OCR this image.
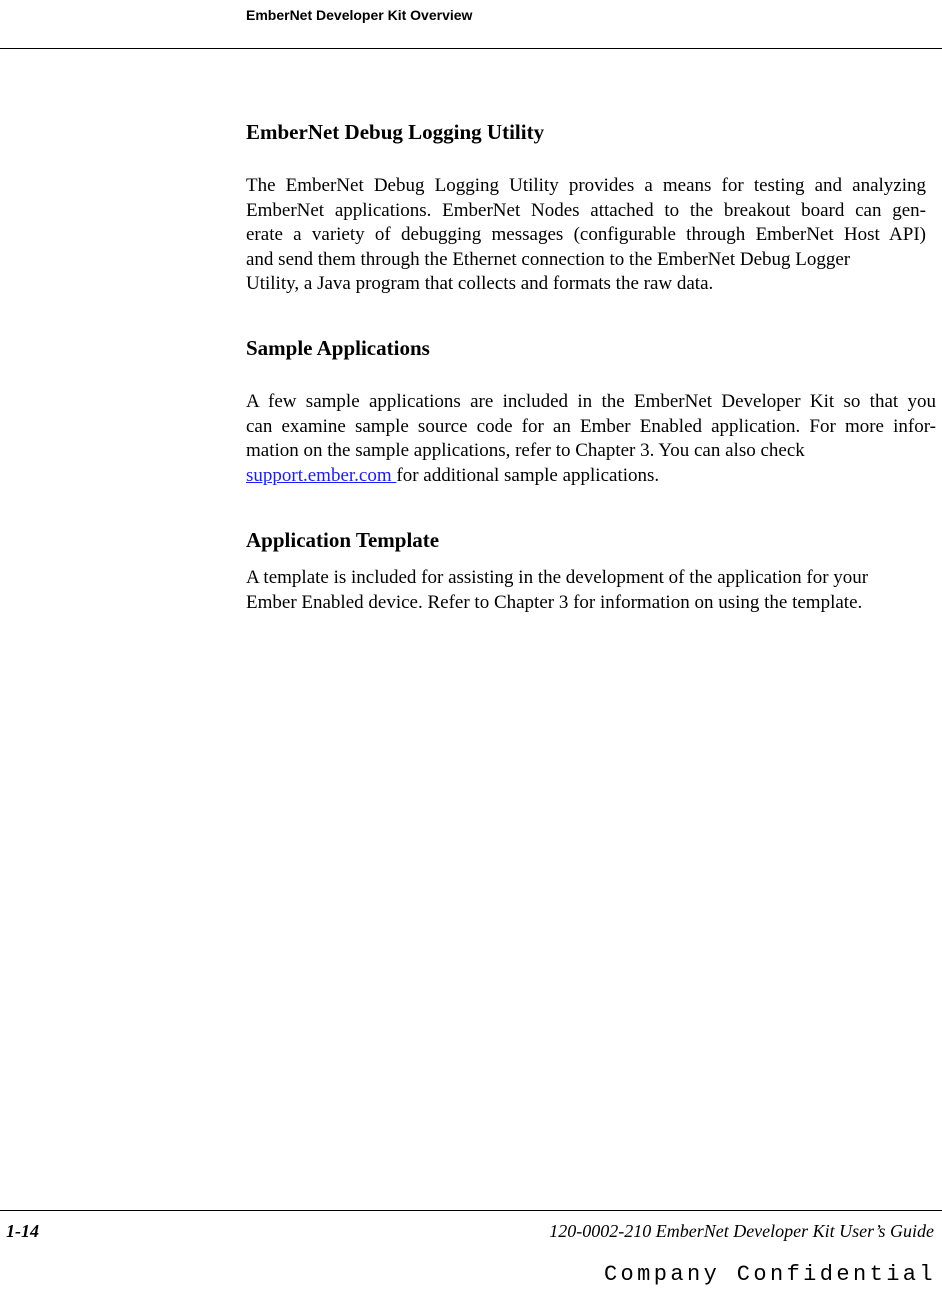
EmberNet Developer Kit Overview
EmberNet Debug Logging Utility
The EmberNet Debug Logging Utility provides a means for testing and analyzing
EmberNet applications. EmberNet Nodes attached to the breakout board can gen-
erate a variety of debugging messages (configurable through EmberNet Host API)
and send them through the Ethernet connection to the EmberNet Debug Logger
Utility, a Java program that collects and formats the raw data.
Sample Applications
A few sample applications are included in the EmberNet Developer Kit so that you
can examine sample source code for an Ember Enabled application. For more infor-
mation on the sample applications, refer to Chapter 3. You can also check
support.ember.com for additional sample applications.
Application Template
A template is included for assisting in the development of the application for your
Ember Enabled device. Refer to Chapter 3 for information on using the template.
1-14	120-0002-210 EmberNet Developer Kit User’s Guide
Company Confidential
